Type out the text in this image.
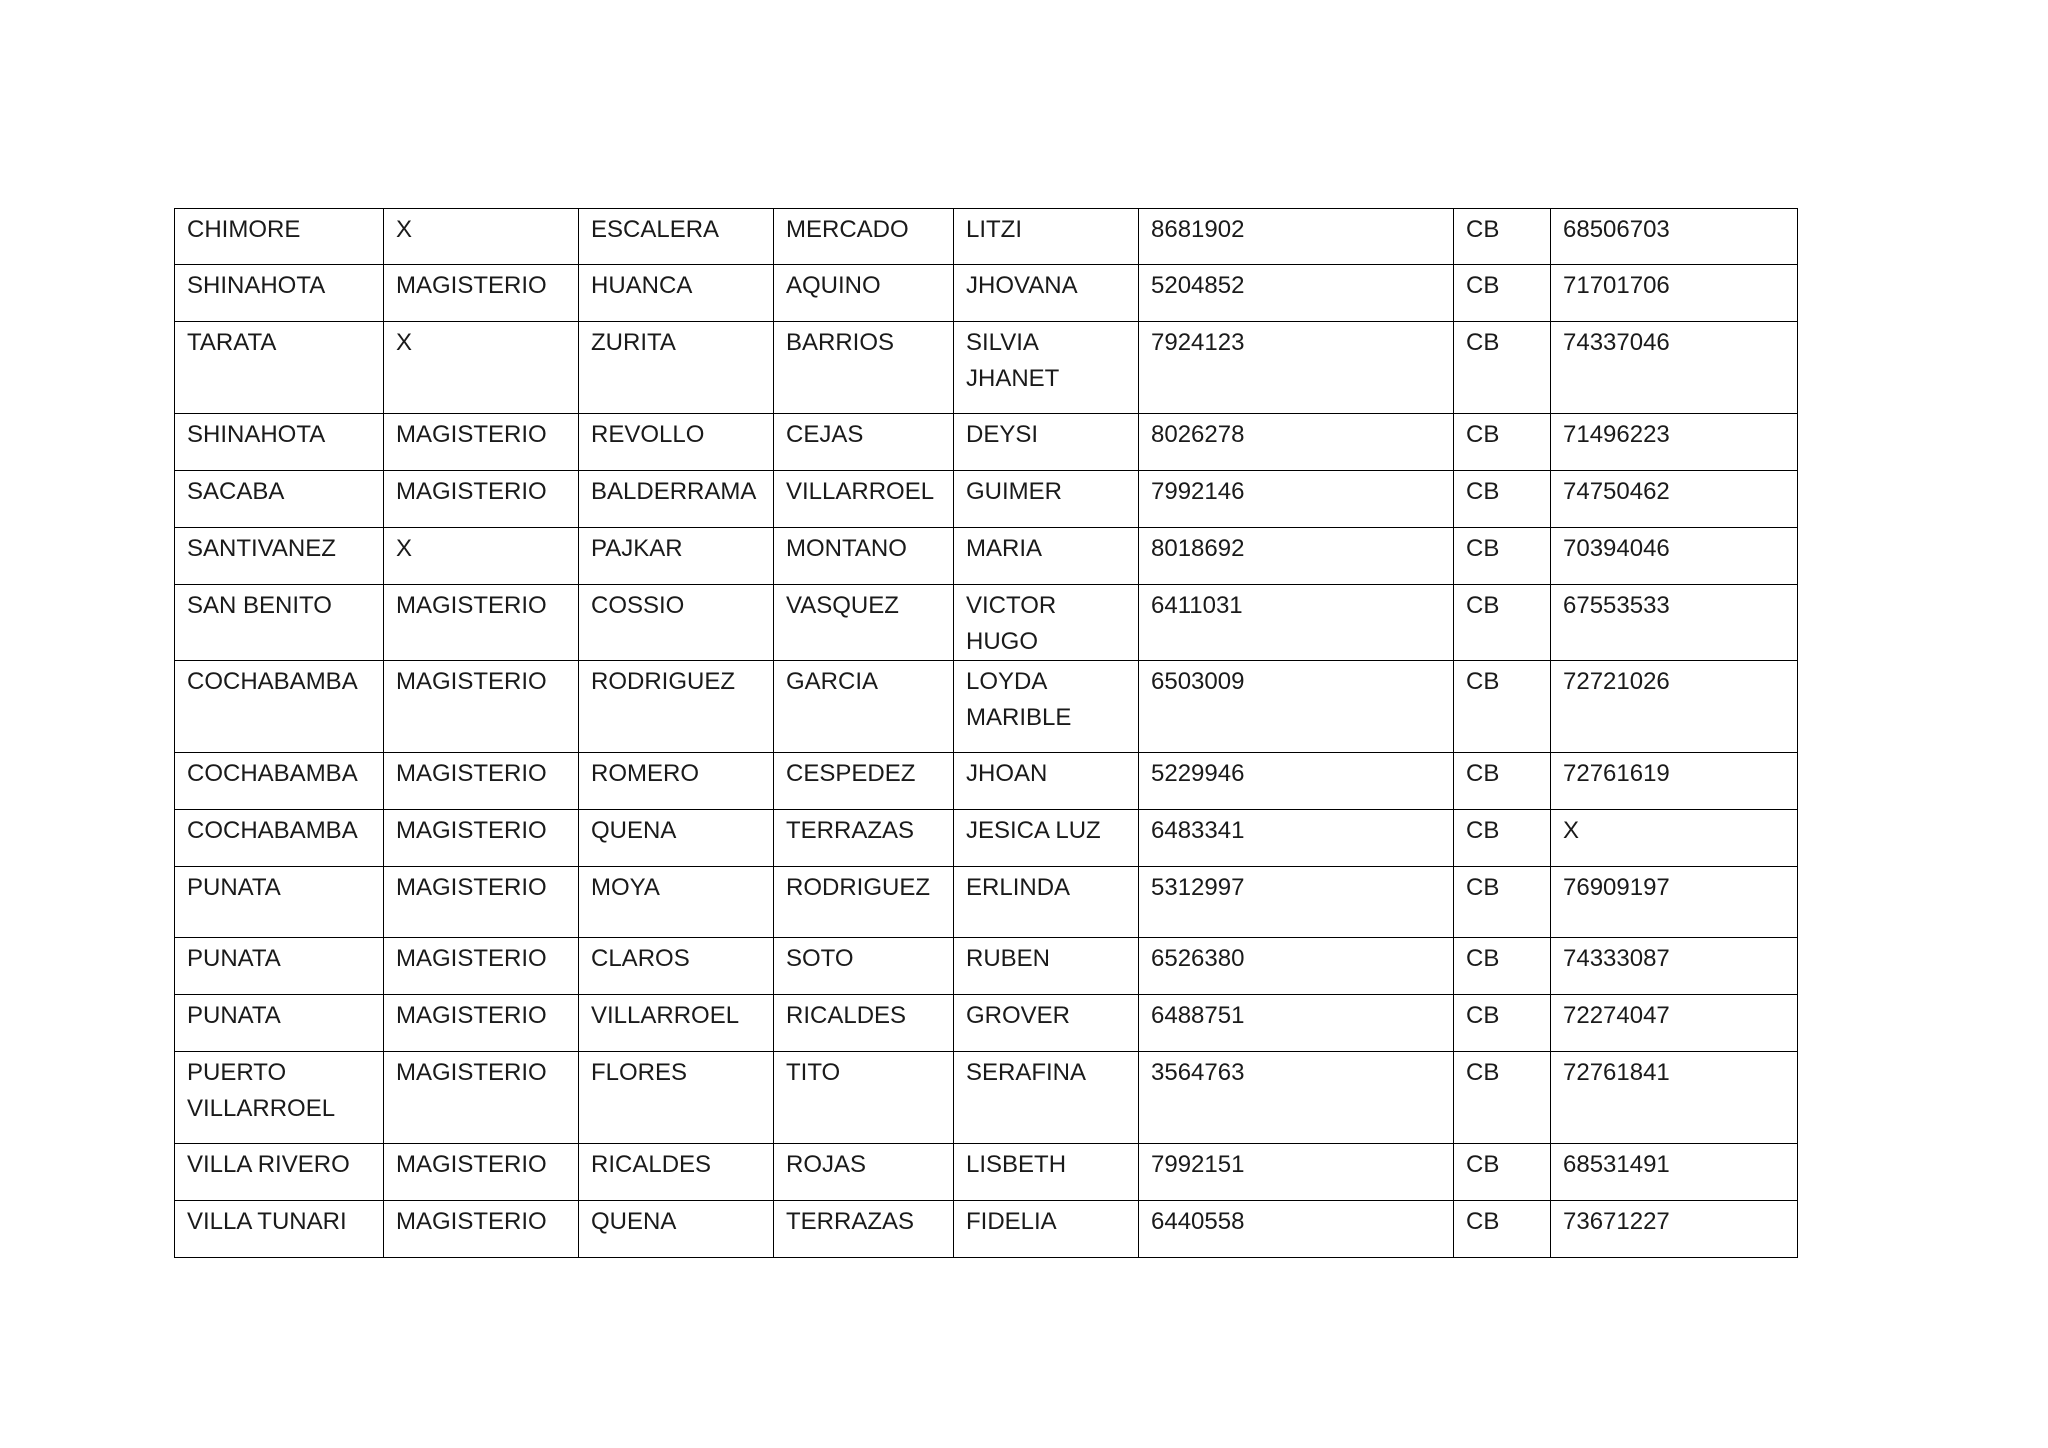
CHIMORE	X	ESCALERA	MERCADO	LITZI	8681902	CB	68506703

SHINAHOTA	MAGISTERIO	HUANCA	AQUINO	JHOVANA	5204852	CB	71701706

TARATA	X	ZURITA	BARRIOS	SILVIA JHANET	7924123	CB	74337046

SHINAHOTA	MAGISTERIO	REVOLLO	CEJAS	DEYSI	8026278	CB	71496223

SACABA	MAGISTERIO	BALDERRAMA	VILLARROEL	GUIMER	7992146	CB	74750462

SANTIVANEZ	X	PAJKAR	MONTANO	MARIA	8018692	CB	70394046

SAN BENITO	MAGISTERIO	COSSIO	VASQUEZ	VICTOR HUGO	6411031	CB	67553533

COCHABAMBA	MAGISTERIO	RODRIGUEZ	GARCIA	LOYDA MARIBLE	6503009	CB	72721026

COCHABAMBA	MAGISTERIO	ROMERO	CESPEDEZ	JHOAN	5229946	CB	72761619

COCHABAMBA	MAGISTERIO	QUENA	TERRAZAS	JESICA LUZ	6483341	CB	X

PUNATA	MAGISTERIO	MOYA	RODRIGUEZ	ERLINDA	5312997	CB	76909197

PUNATA	MAGISTERIO	CLAROS	SOTO	RUBEN	6526380	CB	74333087

PUNATA	MAGISTERIO	VILLARROEL	RICALDES	GROVER	6488751	CB	72274047

PUERTO VILLARROEL	MAGISTERIO	FLORES	TITO	SERAFINA	3564763	CB	72761841

VILLA RIVERO	MAGISTERIO	RICALDES	ROJAS	LISBETH	7992151	CB	68531491

VILLA TUNARI	MAGISTERIO	QUENA	TERRAZAS	FIDELIA	6440558	CB	73671227
